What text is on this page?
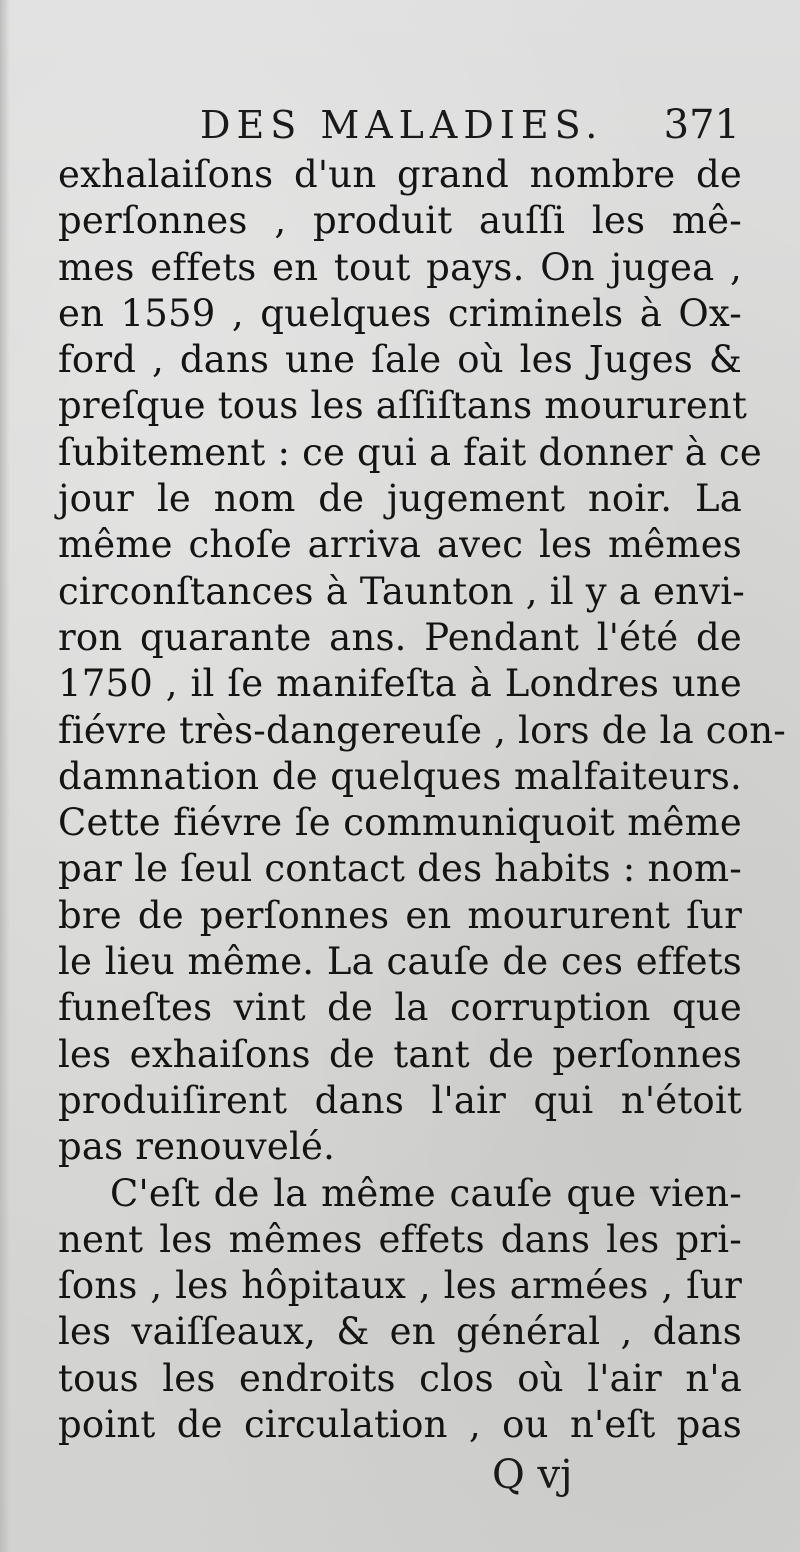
DES MALADIES. 371
exhalaiſons d'un grand nombre de
perſonnes , produit auſſi les mê-
mes effets en tout pays. On jugea ,
en 1559 , quelques criminels à Ox-
ford , dans une ſale où les Juges &
preſque tous les aſſiſtans moururent
ſubitement : ce qui a fait donner à ce
jour le nom de jugement noir. La
même choſe arriva avec les mêmes
circonſtances à Taunton , il y a envi-
ron quarante ans. Pendant l'été de
1750 , il ſe manifeſta à Londres une
fiévre très-dangereuſe , lors de la con-
damnation de quelques malfaiteurs.
Cette fiévre ſe communiquoit même
par le ſeul contact des habits : nom-
bre de perſonnes en moururent ſur
le lieu même. La cauſe de ces effets
funeſtes vint de la corruption que
les exhaiſons de tant de perſonnes
produiſirent dans l'air qui n'étoit
pas renouvelé.
C'eſt de la même cauſe que vien-
nent les mêmes effets dans les pri-
ſons , les hôpitaux , les armées , ſur
les vaiſſeaux, & en général , dans
tous les endroits clos où l'air n'a
point de circulation , ou n'eſt pas
Q vj
